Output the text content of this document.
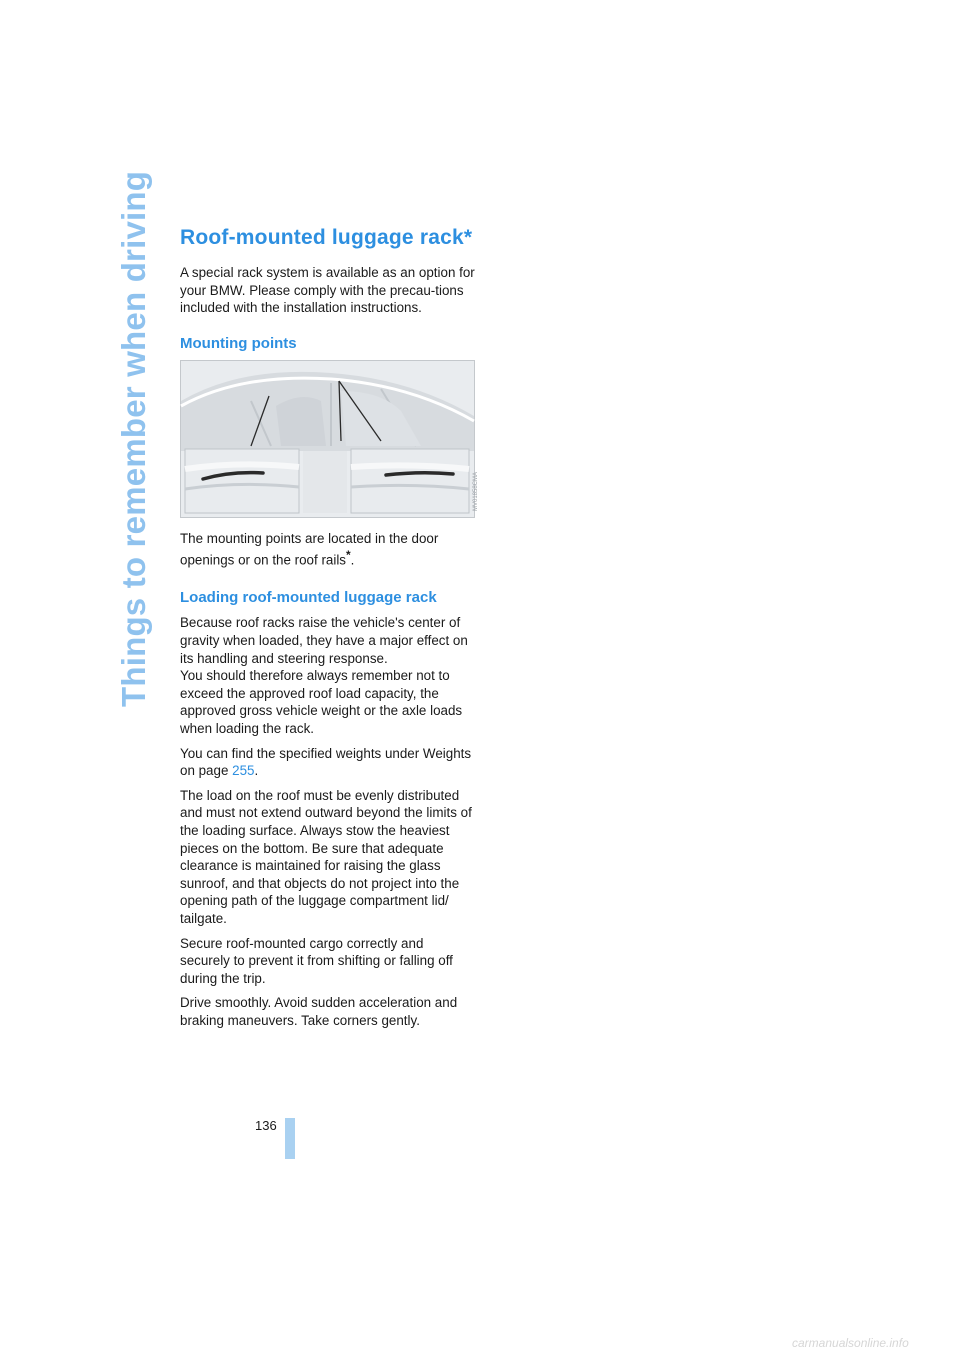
Things to remember when driving Roof-mounted luggage rack*

A special rack system is available as an option for your BMW. Please comply with the precau-tions included with the installation instructions.

Mounting points
MV01858CMA

The mounting points are located in the door openings or on the roof rails*.

Loading roof-mounted luggage rack

Because roof racks raise the vehicle's center of gravity when loaded, they have a major effect on its handling and steering response.

You should therefore always remember not to exceed the approved roof load capacity, the approved gross vehicle weight or the axle loads when loading the rack.

You can find the specified weights under Weights on page 255.

The load on the roof must be evenly distributed and must not extend outward beyond the limits of the loading surface. Always stow the heaviest pieces on the bottom. Be sure that adequate clearance is maintained for raising the glass sunroof, and that objects do not project into the opening path of the luggage compartment lid/ tailgate.

Secure roof-mounted cargo correctly and securely to prevent it from shifting or falling off during the trip.

Drive smoothly. Avoid sudden acceleration and braking maneuvers. Take corners gently.

136
carmanualsonline.info
